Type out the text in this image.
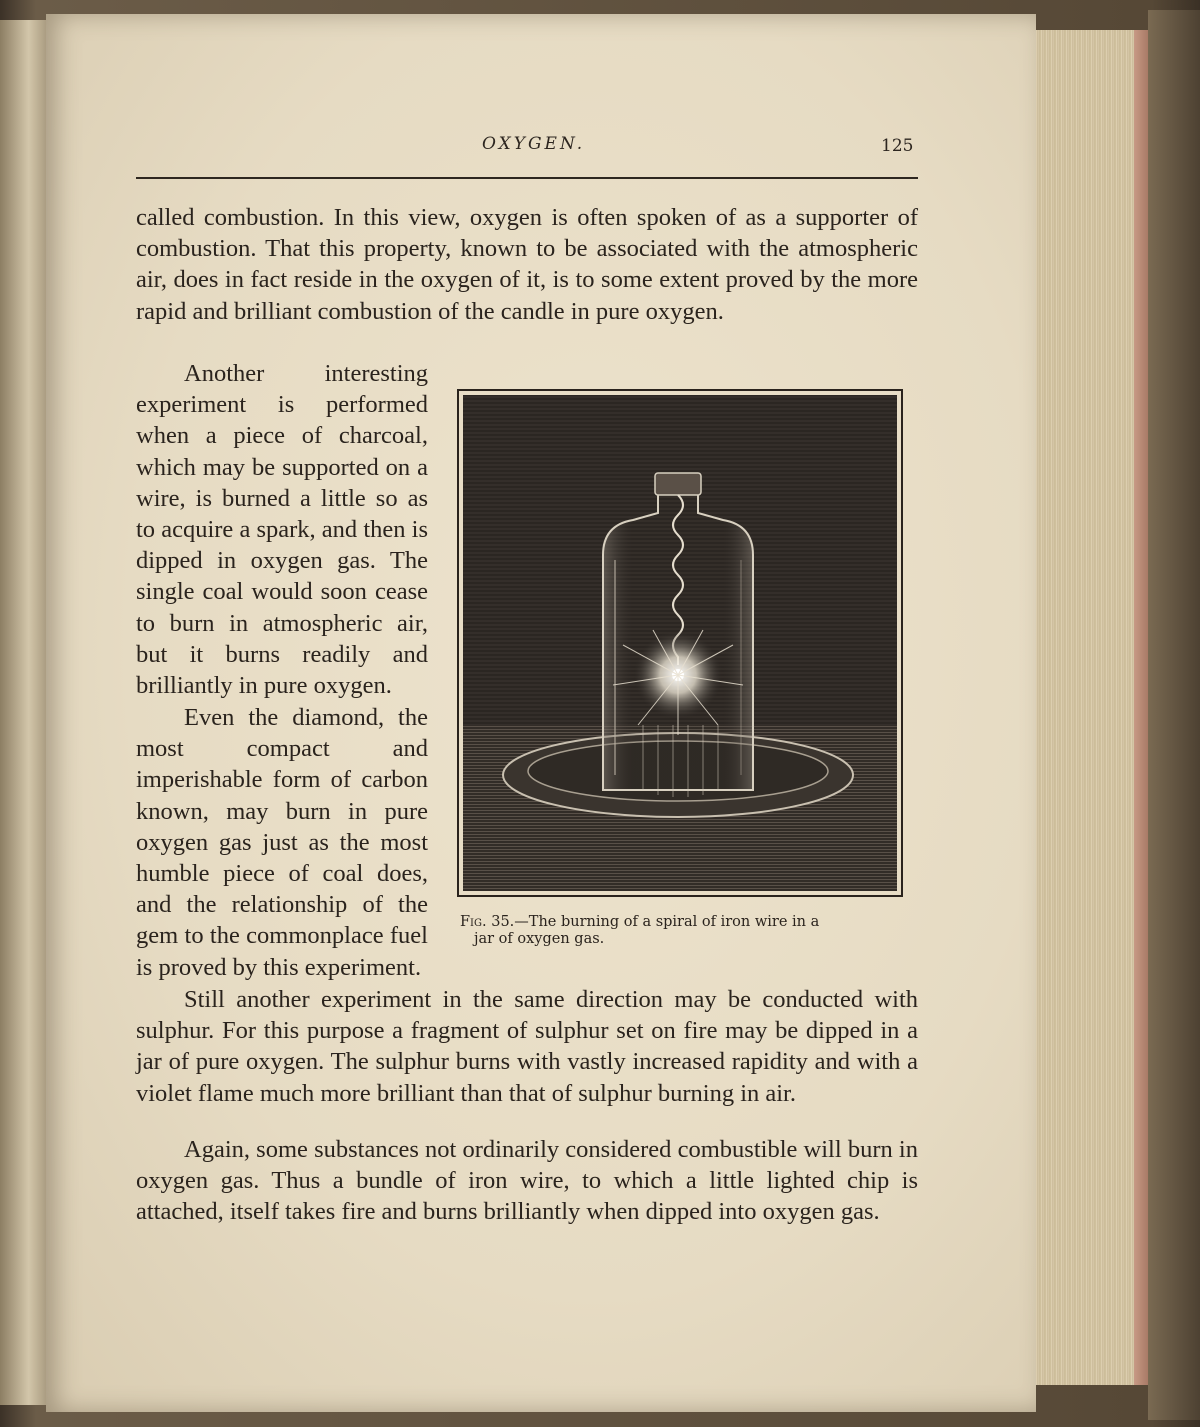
OXYGEN.	125

called combustion. In this view, oxygen is often spoken of as a supporter of combustion. That this property, known to be associated with the atmospheric air, does in fact reside in the oxygen of it, is to some extent proved by the more rapid and brilliant combustion of the candle in pure oxygen.

Another interesting experiment is performed when a piece of charcoal, which may be supported on a wire, is burned a little so as to acquire a spark, and then is dipped in oxygen gas. The single coal would soon cease to burn in atmospheric air, but it burns readily and brilliantly in pure oxygen.

Even the diamond, the most compact and imperishable form of carbon known, may burn in pure oxygen gas just as the most humble piece of coal does, and the relationship of the gem to the commonplace fuel is proved by this experiment.

Fig. 35.—The burning of a spiral of iron wire in a
jar of oxygen gas.

Still another experiment in the same direction may be conducted with sulphur. For this purpose a fragment of sulphur set on fire may be dipped in a jar of pure oxygen. The sulphur burns with vastly increased rapidity and with a violet flame much more brilliant than that of sulphur burning in air.

Again, some substances not ordinarily considered combustible will burn in oxygen gas. Thus a bundle of iron wire, to which a little lighted chip is attached, itself takes fire and burns brilliantly when dipped into oxygen gas.
